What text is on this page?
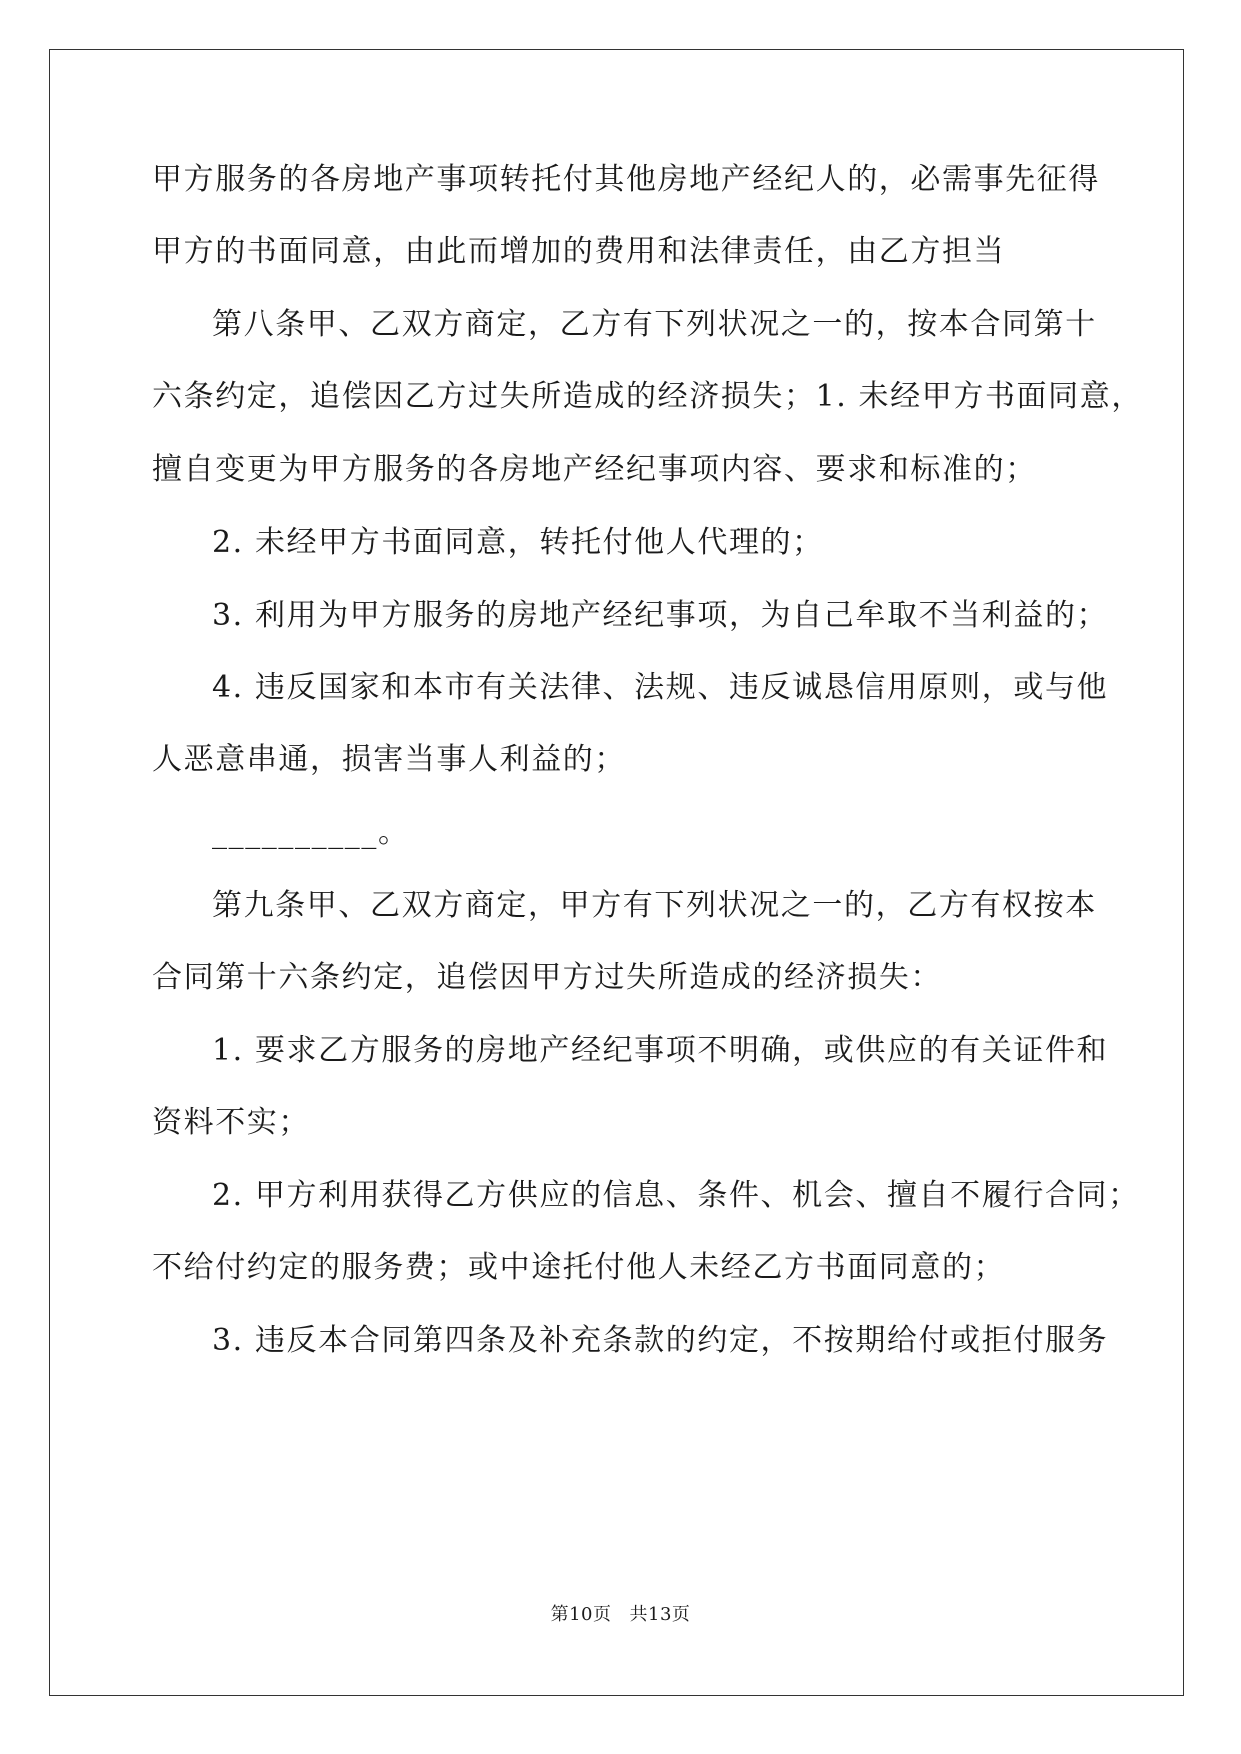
甲方服务的各房地产事项转托付其他房地产经纪人的，必需事先征得
甲方的书面同意，由此而增加的费用和法律责任，由乙方担当
第八条甲、乙双方商定，乙方有下列状况之一的，按本合同第十
六条约定，追偿因乙方过失所造成的经济损失；1. 未经甲方书面同意，
擅自变更为甲方服务的各房地产经纪事项内容、要求和标准的；
2. 未经甲方书面同意，转托付他人代理的；
3. 利用为甲方服务的房地产经纪事项，为自己牟取不当利益的；
4. 违反国家和本市有关法律、法规、违反诚恳信用原则，或与他
人恶意串通，损害当事人利益的；
__________。
第九条甲、乙双方商定，甲方有下列状况之一的，乙方有权按本
合同第十六条约定，追偿因甲方过失所造成的经济损失：
1. 要求乙方服务的房地产经纪事项不明确，或供应的有关证件和
资料不实；
2. 甲方利用获得乙方供应的信息、条件、机会、擅自不履行合同；
不给付约定的服务费；或中途托付他人未经乙方书面同意的；
3. 违反本合同第四条及补充条款的约定，不按期给付或拒付服务
第10页 共13页
